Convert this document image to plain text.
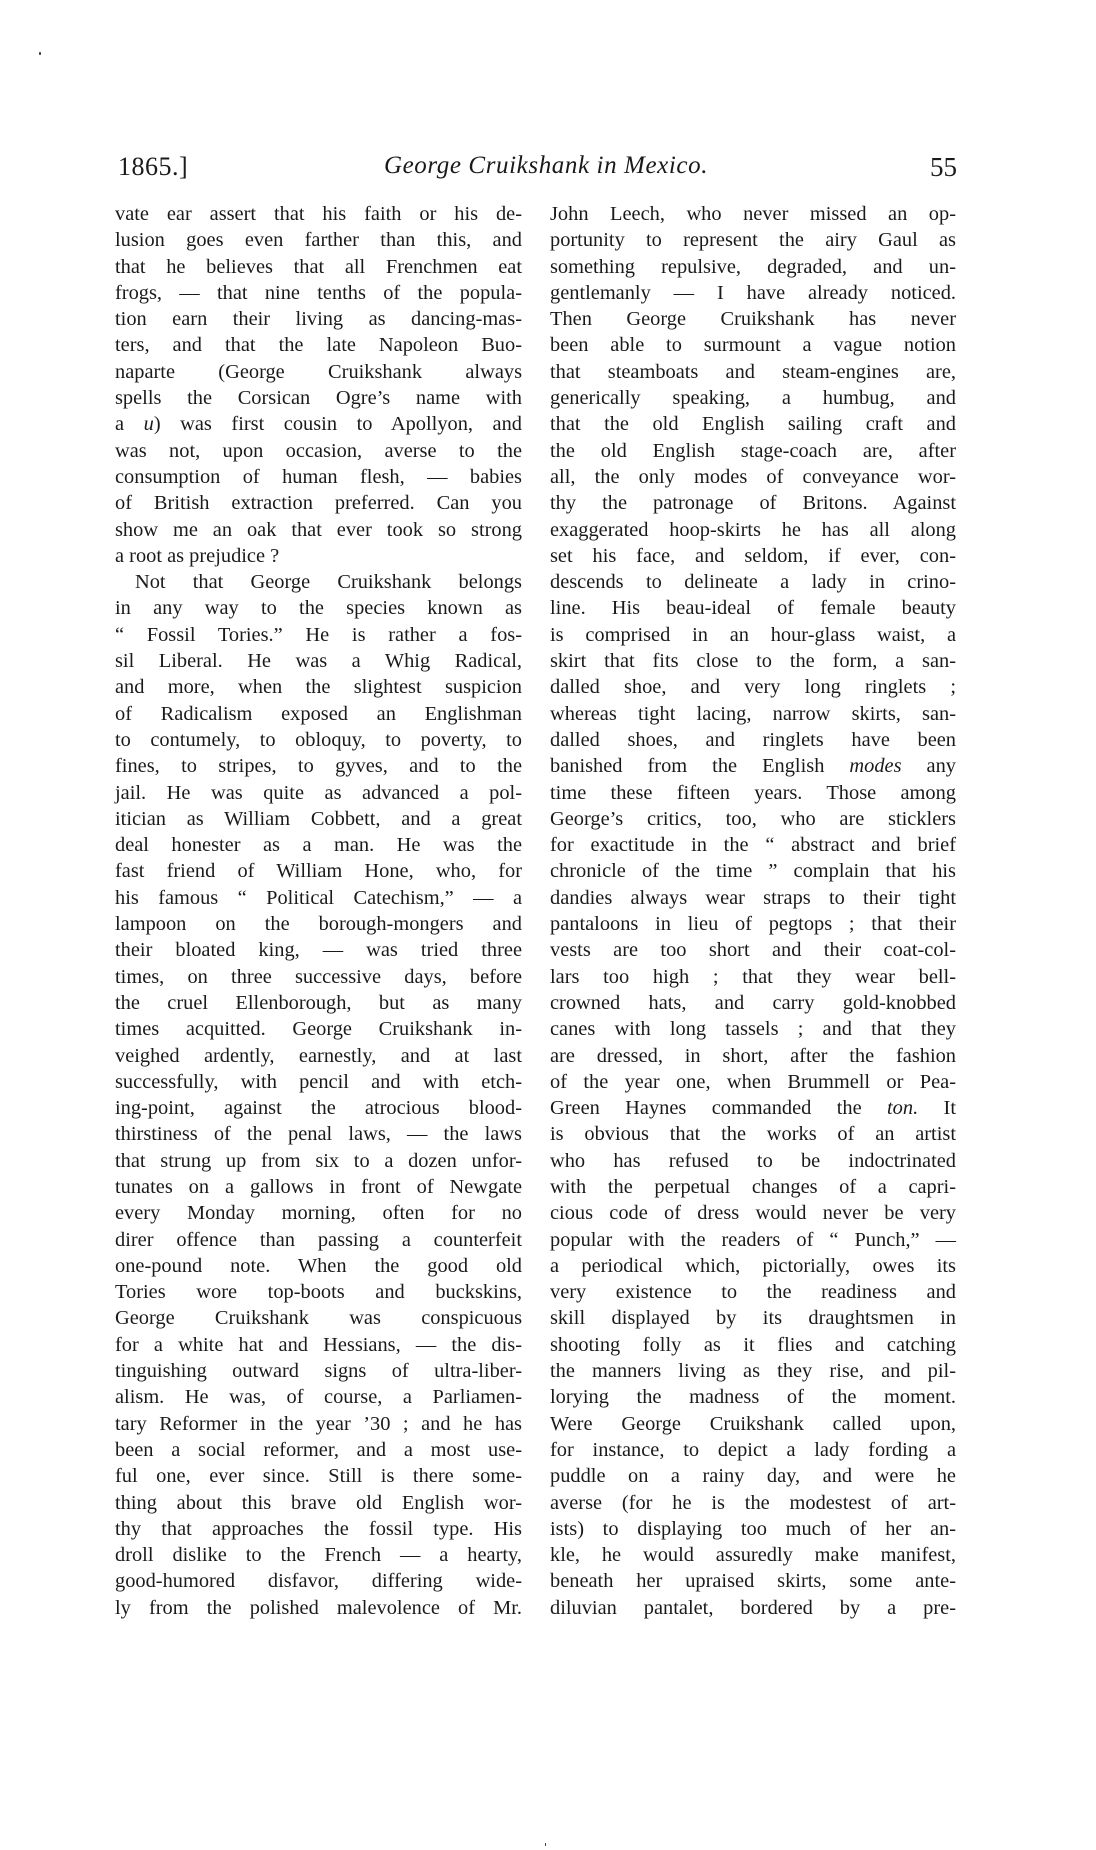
1865.]	George Cruikshank in Mexico.	55
vate ear assert that his faith or his de-
lusion goes even farther than this, and
that he believes that all Frenchmen eat
frogs, — that nine tenths of the popula-
tion earn their living as dancing-mas-
ters, and that the late Napoleon Buo-
naparte (George Cruikshank always
spells the Corsican Ogre’s name with
a u) was first cousin to Apollyon, and
was not, upon occasion, averse to the
consumption of human flesh, — babies
of British extraction preferred. Can you
show me an oak that ever took so strong
a root as prejudice ?
Not that George Cruikshank belongs
in any way to the species known as
“ Fossil Tories.” He is rather a fos-
sil Liberal. He was a Whig Radical,
and more, when the slightest suspicion
of Radicalism exposed an Englishman
to contumely, to obloquy, to poverty, to
fines, to stripes, to gyves, and to the
jail. He was quite as advanced a pol-
itician as William Cobbett, and a great
deal honester as a man. He was the
fast friend of William Hone, who, for
his famous “ Political Catechism,” — a
lampoon on the borough-mongers and
their bloated king, — was tried three
times, on three successive days, before
the cruel Ellenborough, but as many
times acquitted. George Cruikshank in-
veighed ardently, earnestly, and at last
successfully, with pencil and with etch-
ing-point, against the atrocious blood-
thirstiness of the penal laws, — the laws
that strung up from six to a dozen unfor-
tunates on a gallows in front of Newgate
every Monday morning, often for no
direr offence than passing a counterfeit
one-pound note. When the good old
Tories wore top-boots and buckskins,
George Cruikshank was conspicuous
for a white hat and Hessians, — the dis-
tinguishing outward signs of ultra-liber-
alism. He was, of course, a Parliamen-
tary Reformer in the year ’30 ; and he has
been a social reformer, and a most use-
ful one, ever since. Still is there some-
thing about this brave old English wor-
thy that approaches the fossil type. His
droll dislike to the French — a hearty,
good-humored disfavor, differing wide-
ly from the polished malevolence of Mr.
John Leech, who never missed an op-
portunity to represent the airy Gaul as
something repulsive, degraded, and un-
gentlemanly — I have already noticed.
Then George Cruikshank has never
been able to surmount a vague notion
that steamboats and steam-engines are,
generically speaking, a humbug, and
that the old English sailing craft and
the old English stage-coach are, after
all, the only modes of conveyance wor-
thy the patronage of Britons. Against
exaggerated hoop-skirts he has all along
set his face, and seldom, if ever, con-
descends to delineate a lady in crino-
line. His beau-ideal of female beauty
is comprised in an hour-glass waist, a
skirt that fits close to the form, a san-
dalled shoe, and very long ringlets ;
whereas tight lacing, narrow skirts, san-
dalled shoes, and ringlets have been
banished from the English modes any
time these fifteen years. Those among
George’s critics, too, who are sticklers
for exactitude in the “ abstract and brief
chronicle of the time ” complain that his
dandies always wear straps to their tight
pantaloons in lieu of pegtops ; that their
vests are too short and their coat-col-
lars too high ; that they wear bell-
crowned hats, and carry gold-knobbed
canes with long tassels ; and that they
are dressed, in short, after the fashion
of the year one, when Brummell or Pea-
Green Haynes commanded the ton. It
is obvious that the works of an artist
who has refused to be indoctrinated
with the perpetual changes of a capri-
cious code of dress would never be very
popular with the readers of “ Punch,” —
a periodical which, pictorially, owes its
very existence to the readiness and
skill displayed by its draughtsmen in
shooting folly as it flies and catching
the manners living as they rise, and pil-
lorying the madness of the moment.
Were George Cruikshank called upon,
for instance, to depict a lady fording a
puddle on a rainy day, and were he
averse (for he is the modestest of art-
ists) to displaying too much of her an-
kle, he would assuredly make manifest,
beneath her upraised skirts, some ante-
diluvian pantalet, bordered by a pre-
